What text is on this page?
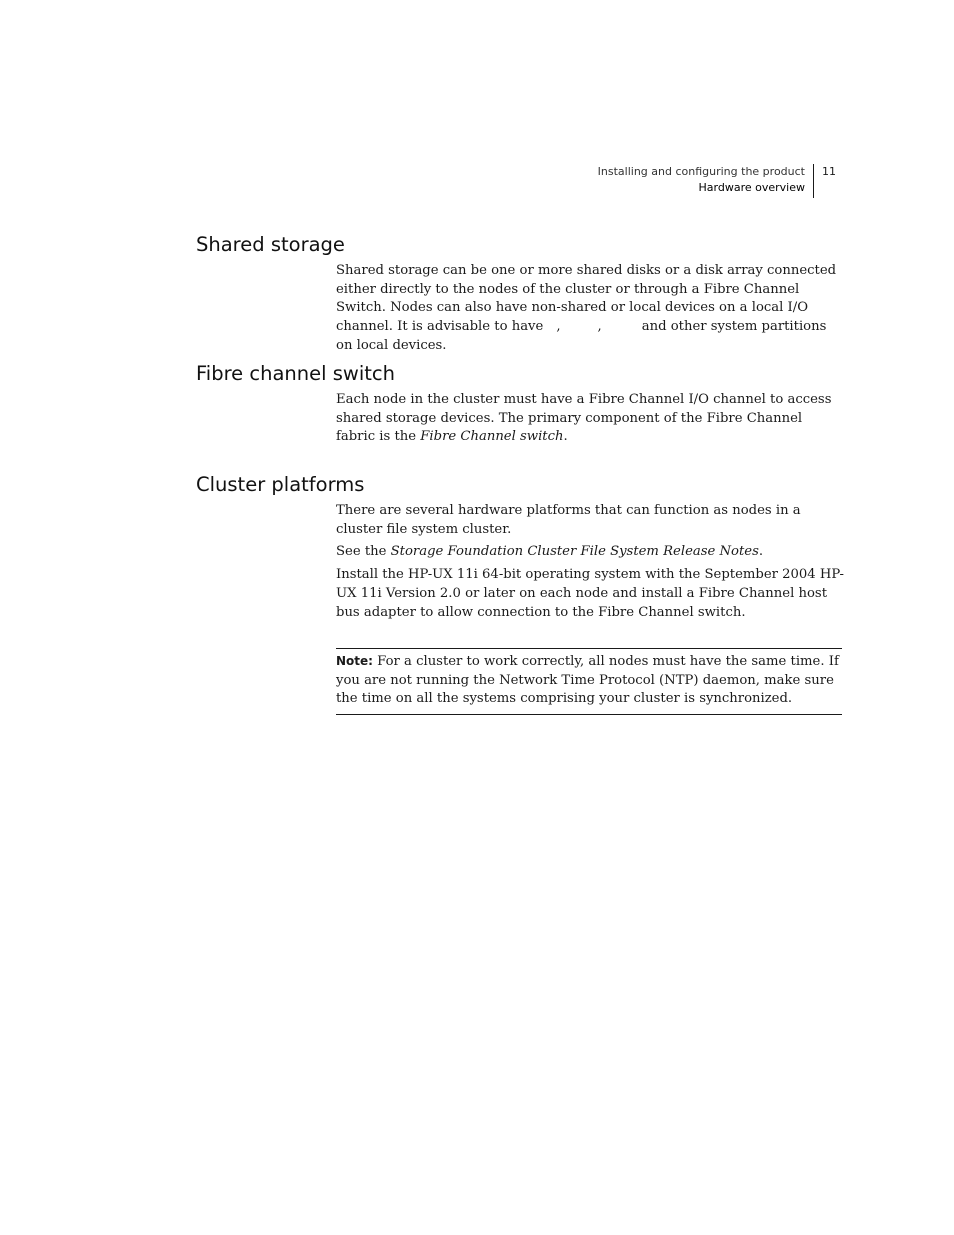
Installing and configuring the product
Hardware overview
11
Shared storage

Shared storage can be one or more shared disks or a disk array connected either directly to the nodes of the cluster or through a Fibre Channel Switch. Nodes can also have non-shared or local devices on a local I/O channel. It is advisable to have ,	,	and other system partitions on local devices.

Fibre channel switch

Each node in the cluster must have a Fibre Channel I/O channel to access shared storage devices. The primary component of the Fibre Channel fabric is the Fibre Channel switch.

Cluster platforms

There are several hardware platforms that can function as nodes in a cluster file system cluster.

See the Storage Foundation Cluster File System Release Notes.

Install the HP-UX 11i 64-bit operating system with the September 2004 HP-UX 11i Version 2.0 or later on each node and install a Fibre Channel host bus adapter to allow connection to the Fibre Channel switch.

Note: For a cluster to work correctly, all nodes must have the same time. If you are not running the Network Time Protocol (NTP) daemon, make sure the time on all the systems comprising your cluster is synchronized.
